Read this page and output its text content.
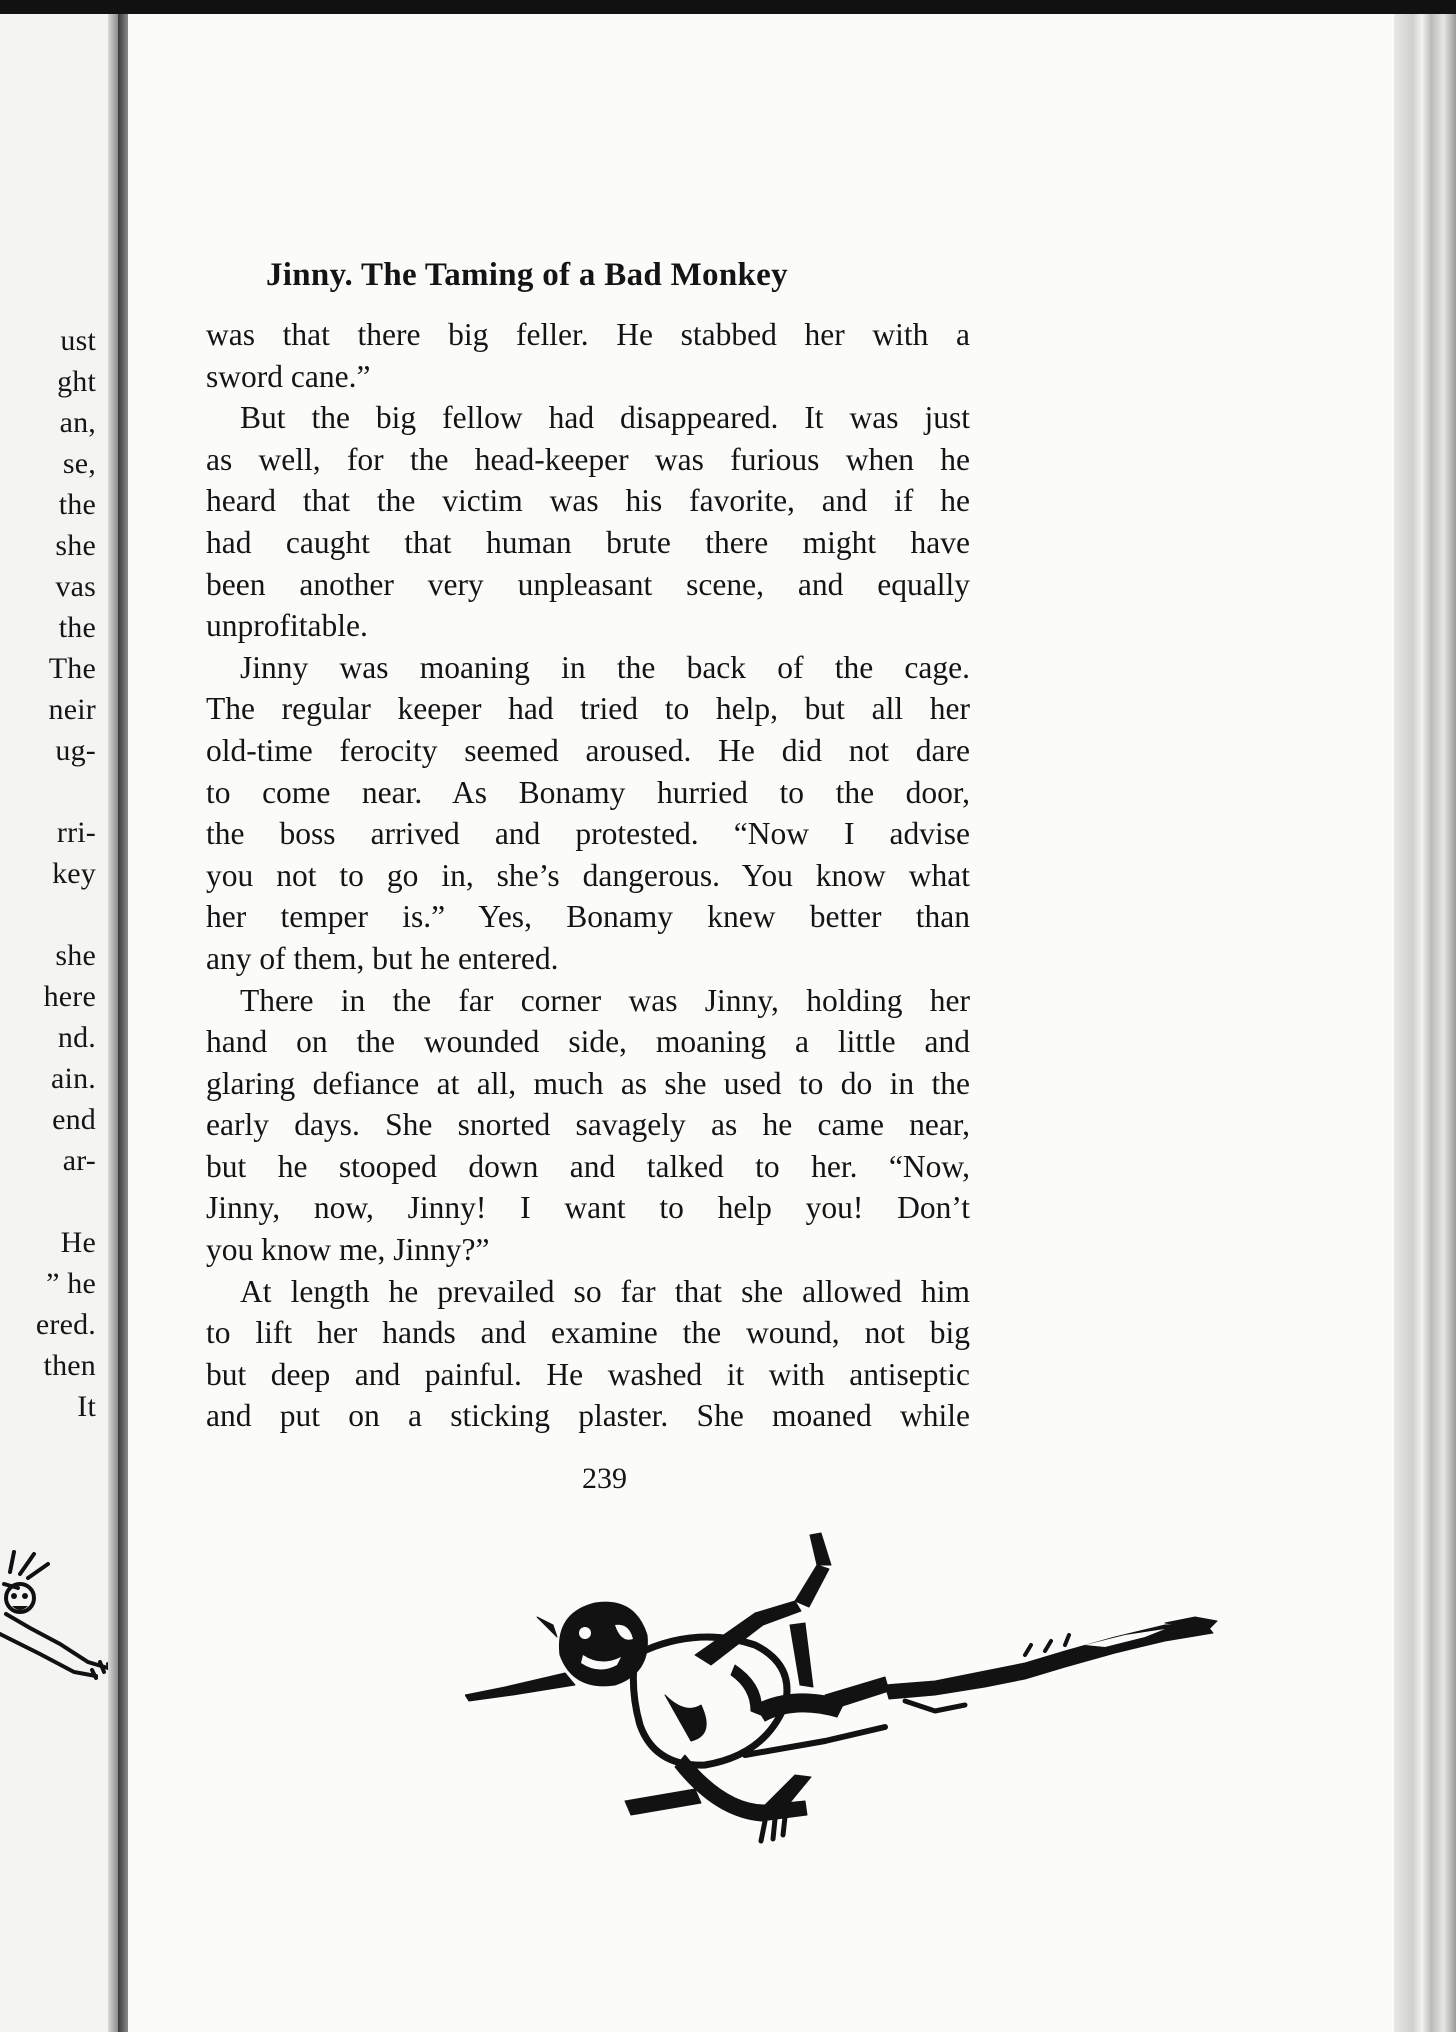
ust
ght
an,
se,
the
she
vas
the
The
neir
ug-
rri-
key
she
here
nd.
ain.
end
ar-
He
” he
ered.
then
It
Jinny. The Taming of a Bad Monkey
was that there big feller. He stabbed her with a
sword cane.”
But the big fellow had disappeared. It was just
as well, for the head-keeper was furious when he
heard that the victim was his favorite, and if he
had caught that human brute there might have
been another very unpleasant scene, and equally
unprofitable.
Jinny was moaning in the back of the cage.
The regular keeper had tried to help, but all her
old-time ferocity seemed aroused. He did not dare
to come near. As Bonamy hurried to the door,
the boss arrived and protested. “Now I advise
you not to go in, she’s dangerous. You know what
her temper is.” Yes, Bonamy knew better than
any of them, but he entered.
There in the far corner was Jinny, holding her
hand on the wounded side, moaning a little and
glaring defiance at all, much as she used to do in the
early days. She snorted savagely as he came near,
but he stooped down and talked to her. “Now,
Jinny, now, Jinny! I want to help you! Don’t
you know me, Jinny?”
At length he prevailed so far that she allowed him
to lift her hands and examine the wound, not big
but deep and painful. He washed it with antiseptic
and put on a sticking plaster. She moaned while
239
